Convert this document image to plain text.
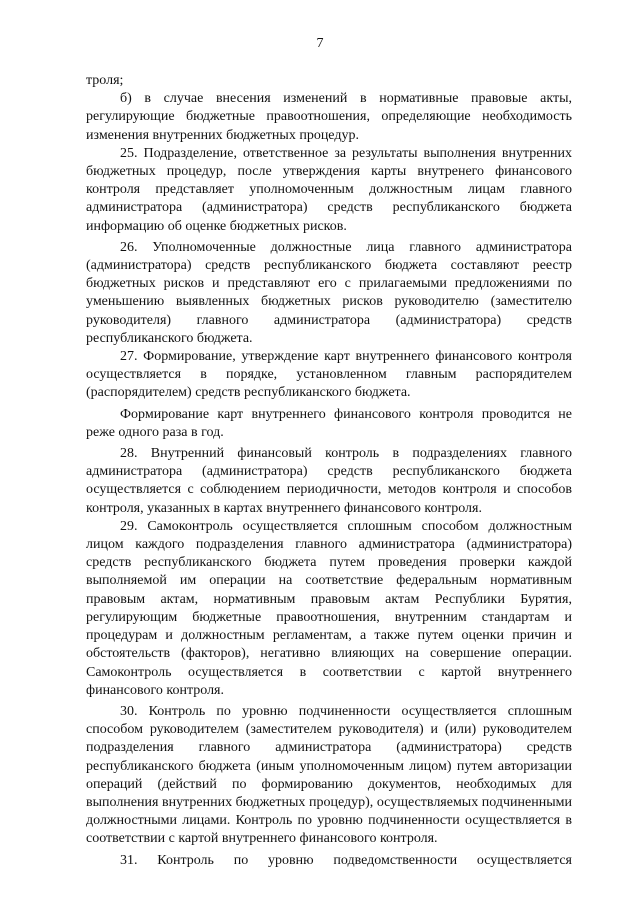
7

троля;

б) в случае внесения изменений в нормативные правовые акты, регулирующие бюджетные правоотношения, определяющие необходимость изменения внутренних бюджетных процедур.

25. Подразделение, ответственное за результаты выполнения внутренних бюджетных процедур, после утверждения карты внутренего финансового контроля представляет уполномоченным должностным лицам главного администратора (администратора) средств республиканского бюджета информацию об оценке бюджетных рисков.

26. Уполномоченные должностные лица главного администратора (администратора) средств республиканского бюджета составляют реестр бюджетных рисков и представляют его с прилагаемыми предложениями по уменьшению выявленных бюджетных рисков руководителю (заместителю руководителя) главного администратора (администратора) средств республиканского бюджета.

27. Формирование, утверждение карт внутреннего финансового контроля осуществляется в порядке, установленном главным распорядителем (распорядителем) средств республиканского бюджета.

Формирование карт внутреннего финансового контроля проводится не реже одного раза в год.

28. Внутренний финансовый контроль в подразделениях главного администратора (администратора) средств республиканского бюджета осуществляется с соблюдением периодичности, методов контроля и способов контроля, указанных в картах внутреннего финансового контроля.

29. Самоконтроль осуществляется сплошным способом должностным лицом каждого подразделения главного администратора (администратора) средств республиканского бюджета путем проведения проверки каждой выполняемой им операции на соответствие федеральным нормативным правовым актам, нормативным правовым актам Республики Бурятия, регулирующим бюджетные правоотношения, внутренним стандартам и процедурам и должностным регламентам, а также путем оценки причин и обстоятельств (факторов), негативно влияющих на совершение операции. Самоконтроль осуществляется в соответствии с картой внутреннего финансового контроля.

30. Контроль по уровню подчиненности осуществляется сплошным способом руководителем (заместителем руководителя) и (или) руководителем подразделения главного администратора (администратора) средств республиканского бюджета (иным уполномоченным лицом) путем авторизации операций (действий по формированию документов, необходимых для выполнения внутренних бюджетных процедур), осуществляемых подчиненными должностными лицами. Контроль по уровню подчиненности осуществляется в соответствии с картой внутреннего финансового контроля.

31. Контроль по уровню подведомственности осуществляется
